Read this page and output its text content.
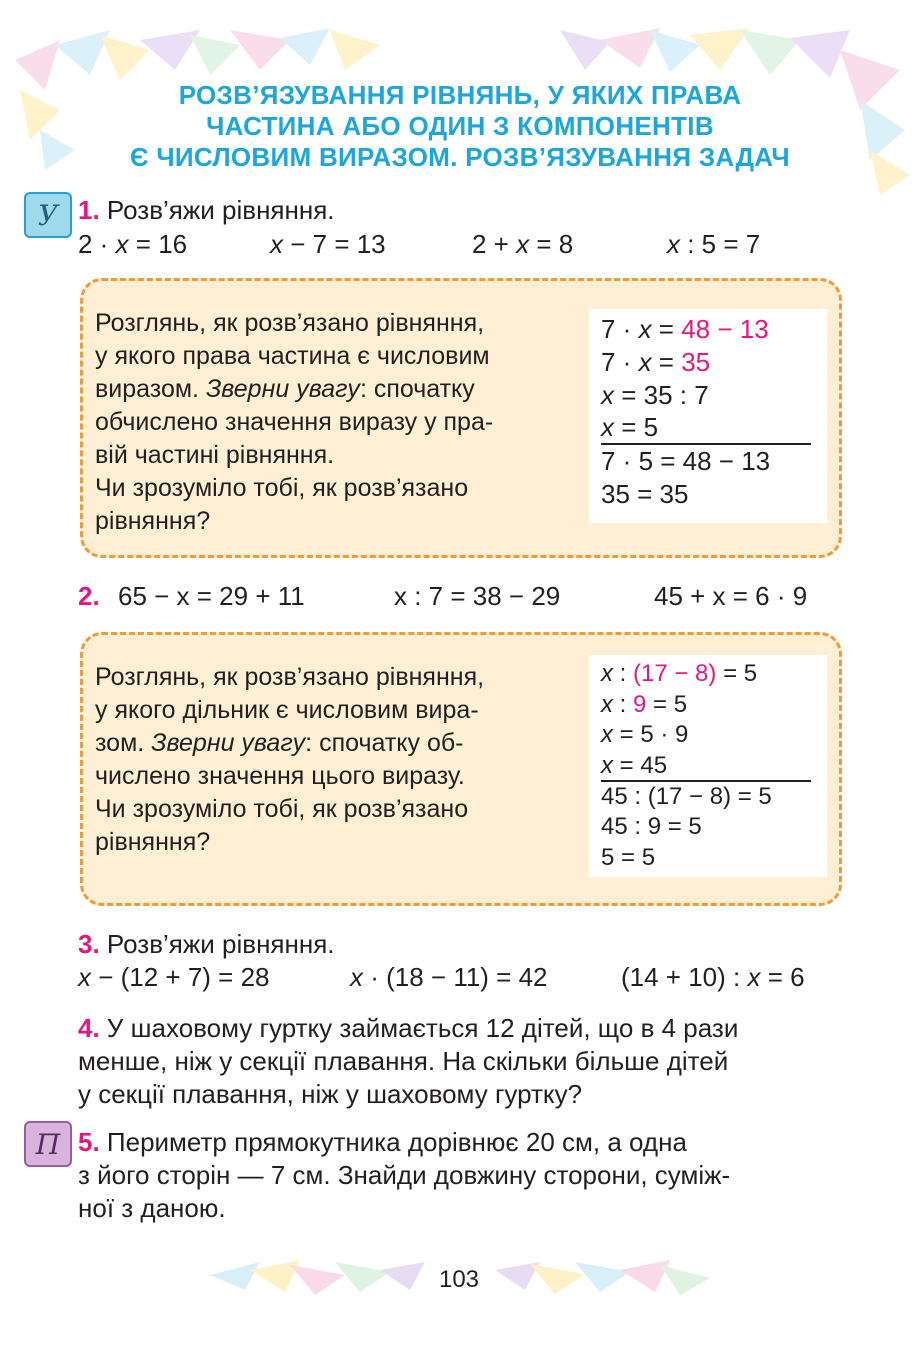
РОЗВ’ЯЗУВАННЯ РІВНЯНЬ, У ЯКИХ ПРАВА
ЧАСТИНА АБО ОДИН З КОМПОНЕНТІВ
Є ЧИСЛОВИМ ВИРАЗОМ. РОЗВ’ЯЗУВАННЯ ЗАДАЧ
У 1. Розв’яжи рівняння.
2 · x = 16	x − 7 = 13	2 + x = 8	x : 5 = 7
Розглянь, як розв’язано рівняння,
у якого права частина є числовим
виразом. Зверни увагу: спочатку
обчислено значення виразу у пра-
вій частині рівняння.
Чи зрозуміло тобі, як розв’язано
рівняння?
7 · x = 48 − 13
7 · x = 35
x = 35 : 7
x = 5
7 · 5 = 48 − 13
35 = 35
2. 65 − x = 29 + 11	x : 7 = 38 − 29	45 + x = 6 · 9
Розглянь, як розв’язано рівняння,
у якого дільник є числовим вира-
зом. Зверни увагу: спочатку об-
числено значення цього виразу.
Чи зрозуміло тобі, як розв’язано
рівняння?
x : (17 − 8) = 5
x : 9 = 5
x = 5 · 9
x = 45
45 : (17 − 8) = 5
45 : 9 = 5
5 = 5
3. Розв’яжи рівняння.
x − (12 + 7) = 28	x · (18 − 11) = 42	(14 + 10) : x = 6
4. У шаховому гуртку займається 12 дітей, що в 4 рази
менше, ніж у секції плавання. На скільки більше дітей
у секції плавання, ніж у шаховому гуртку?
П 5. Периметр прямокутника дорівнює 20 см, а одна
з його сторін — 7 см. Знайди довжину сторони, суміж-
ної з даною.
103
